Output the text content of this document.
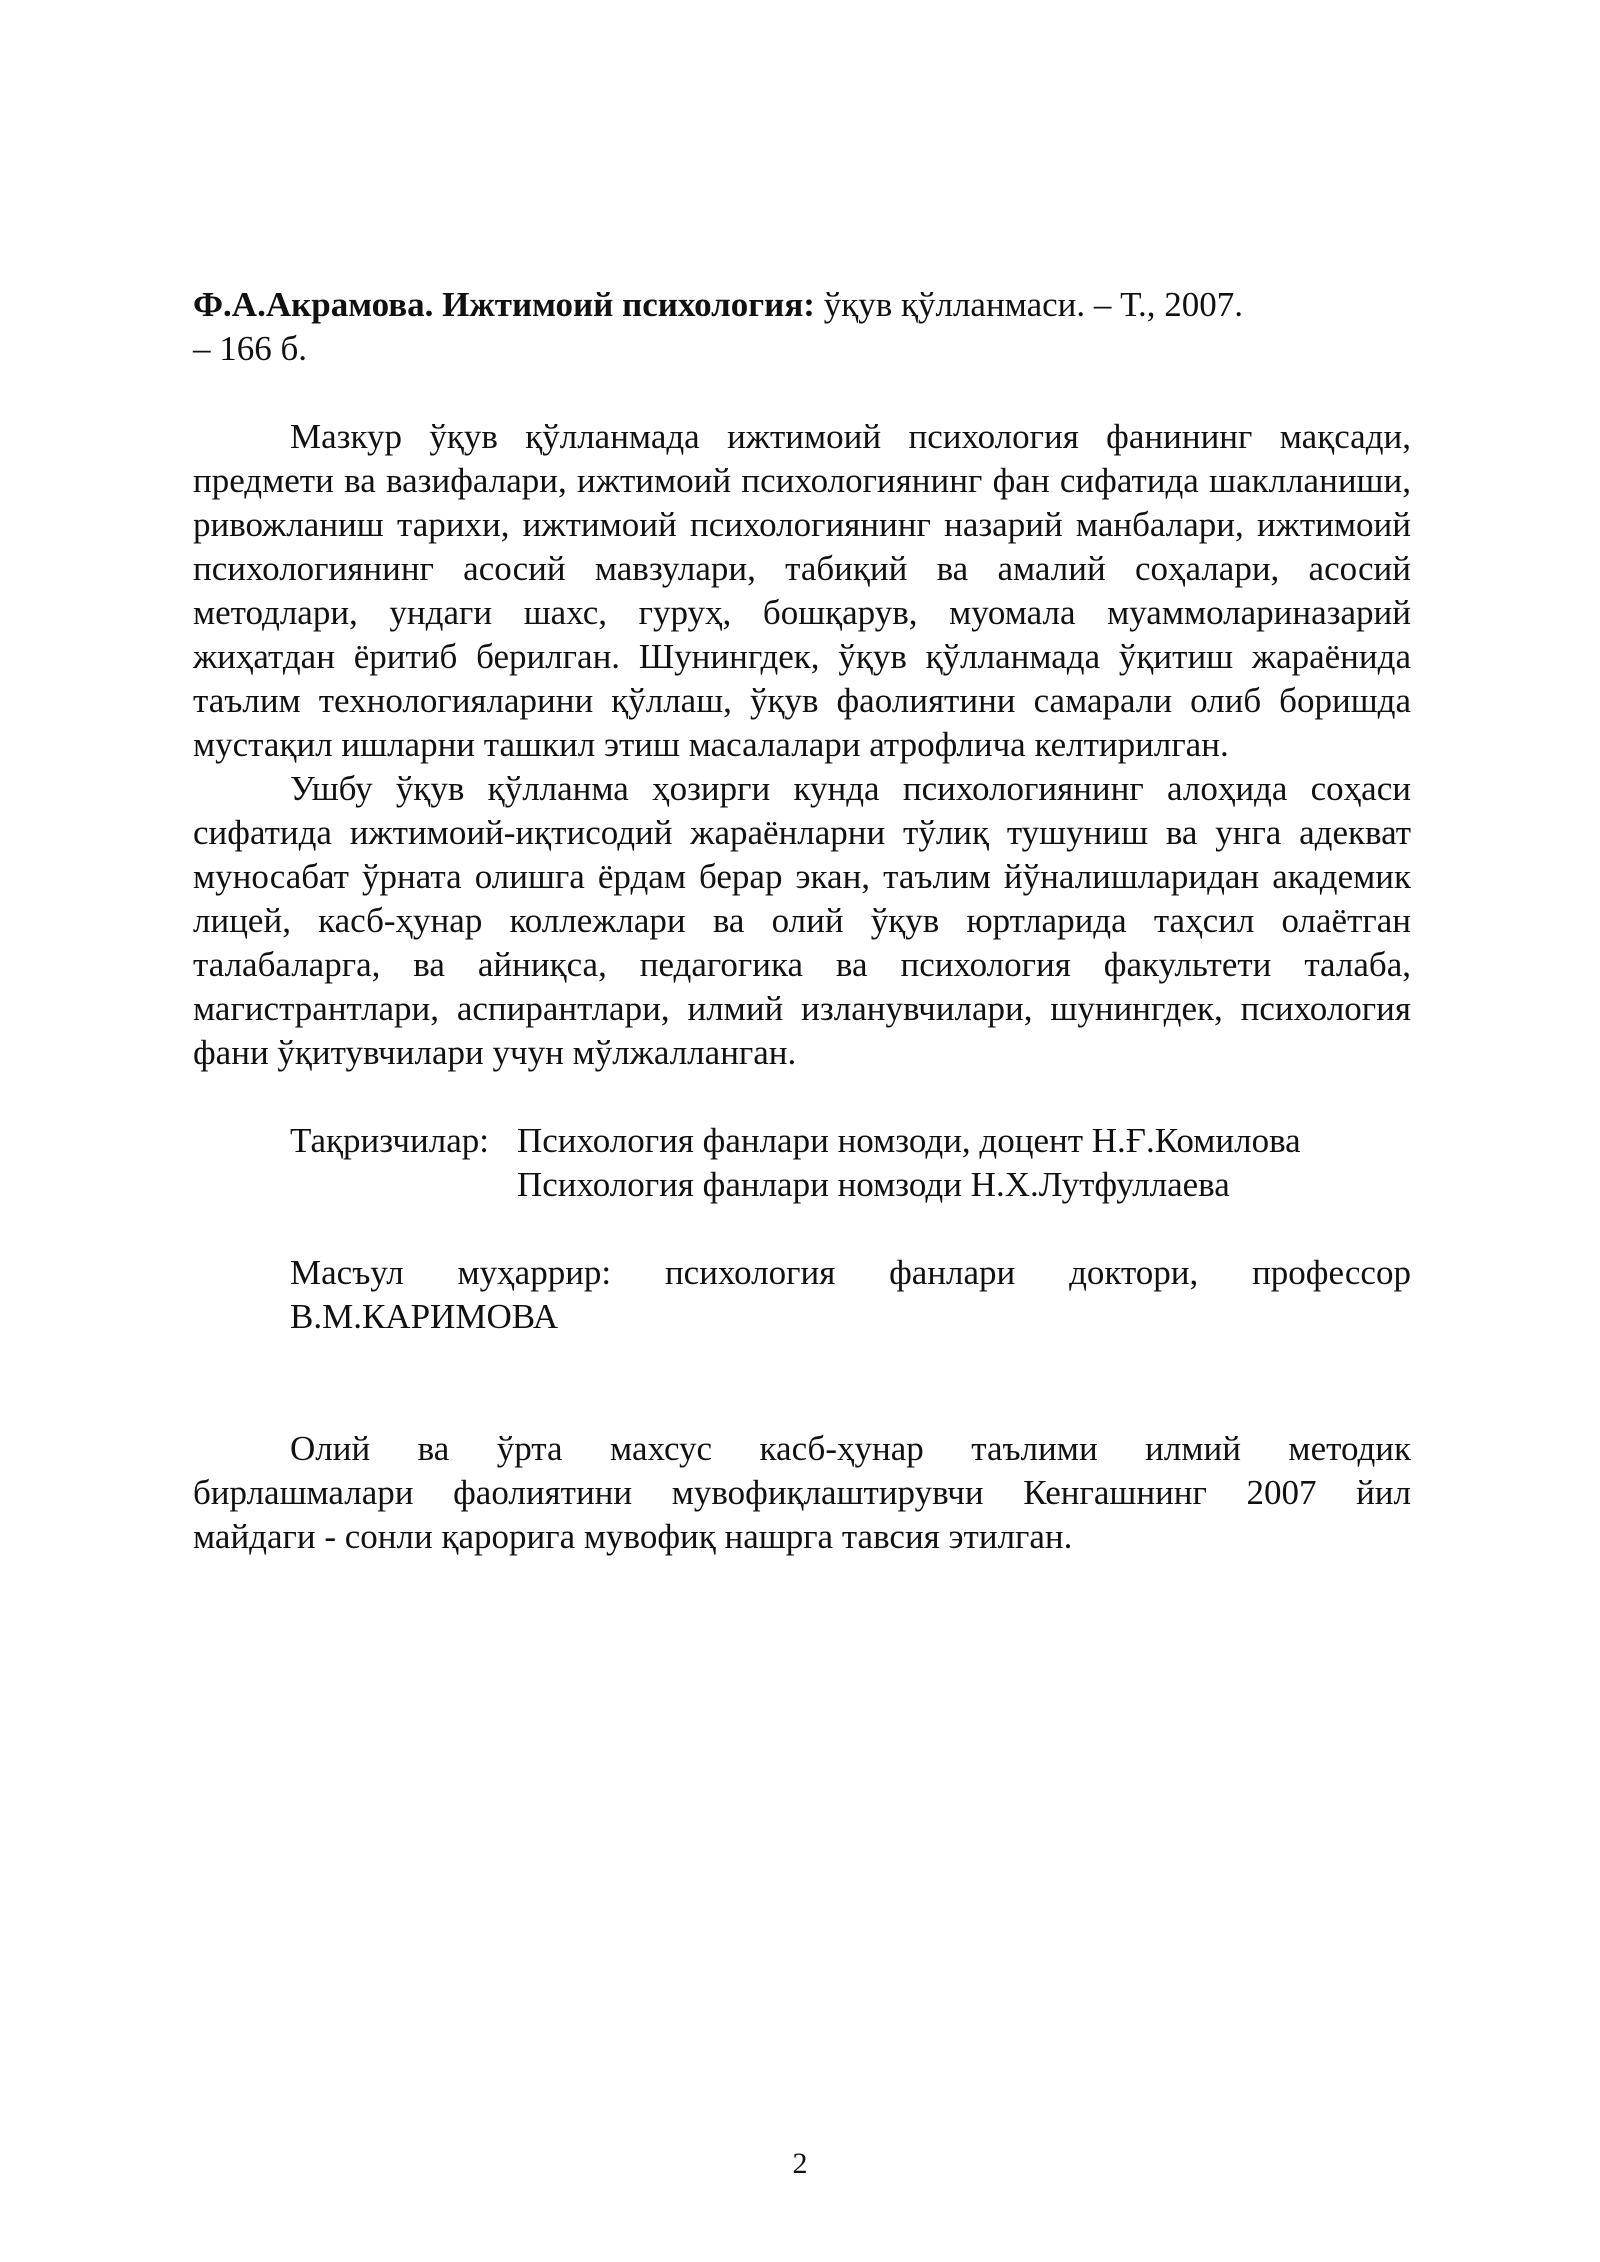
Ф.А.Акрамова. Ижтимоий психология: ўқув қўлланмаси. – Т., 2007.
– 166 б.

Мазкур ўқув қўлланмада ижтимоий психология фанининг мақсади, предмети ва вазифалари, ижтимоий психологиянинг фан сифатида шаклланиши, ривожланиш тарихи, ижтимоий психологиянинг назарий манбалари, ижтимоий психологиянинг асосий мавзулари, табиқий ва амалий соҳалари, асосий методлари, ундаги шахс, гуруҳ, бошқарув, муомала муаммолариназарий жиҳатдан ёритиб берилган. Шунингдек, ўқув қўлланмада ўқитиш жараёнида таълим технологияларини қўллаш, ўқув фаолиятини самарали олиб боришда мустақил ишларни ташкил этиш масалалари атрофлича келтирилган.

Ушбу ўқув қўлланма ҳозирги кунда психологиянинг алоҳида соҳаси сифатида ижтимоий-иқтисодий жараёнларни тўлиқ тушуниш ва унга адекват муносабат ўрната олишга ёрдам берар экан, таълим йўналишларидан академик лицей, касб-ҳунар коллежлари ва олий ўқув юртларида таҳсил олаётган талабаларга, ва айниқса, педагогика ва психология факультети талаба, магистрантлари, аспирантлари, илмий изланувчилари, шунингдек, психология фани ўқитувчилари учун мўлжалланган.

Тақризчилар: Психология фанлари номзоди, доцент Н.Ғ.Комилова
Психология фанлари номзоди Н.Х.Лутфуллаева
Масъул муҳаррир: психология фанлари доктори, профессор
В.М.КАРИМОВА
Олий ва ўрта махсус касб-ҳунар таълими илмий методик
бирлашмалари фаолиятини мувофиқлаштирувчи Кенгашнинг 2007 йил
майдаги - сонли қарорига мувофиқ нашрга тавсия этилган.
2
